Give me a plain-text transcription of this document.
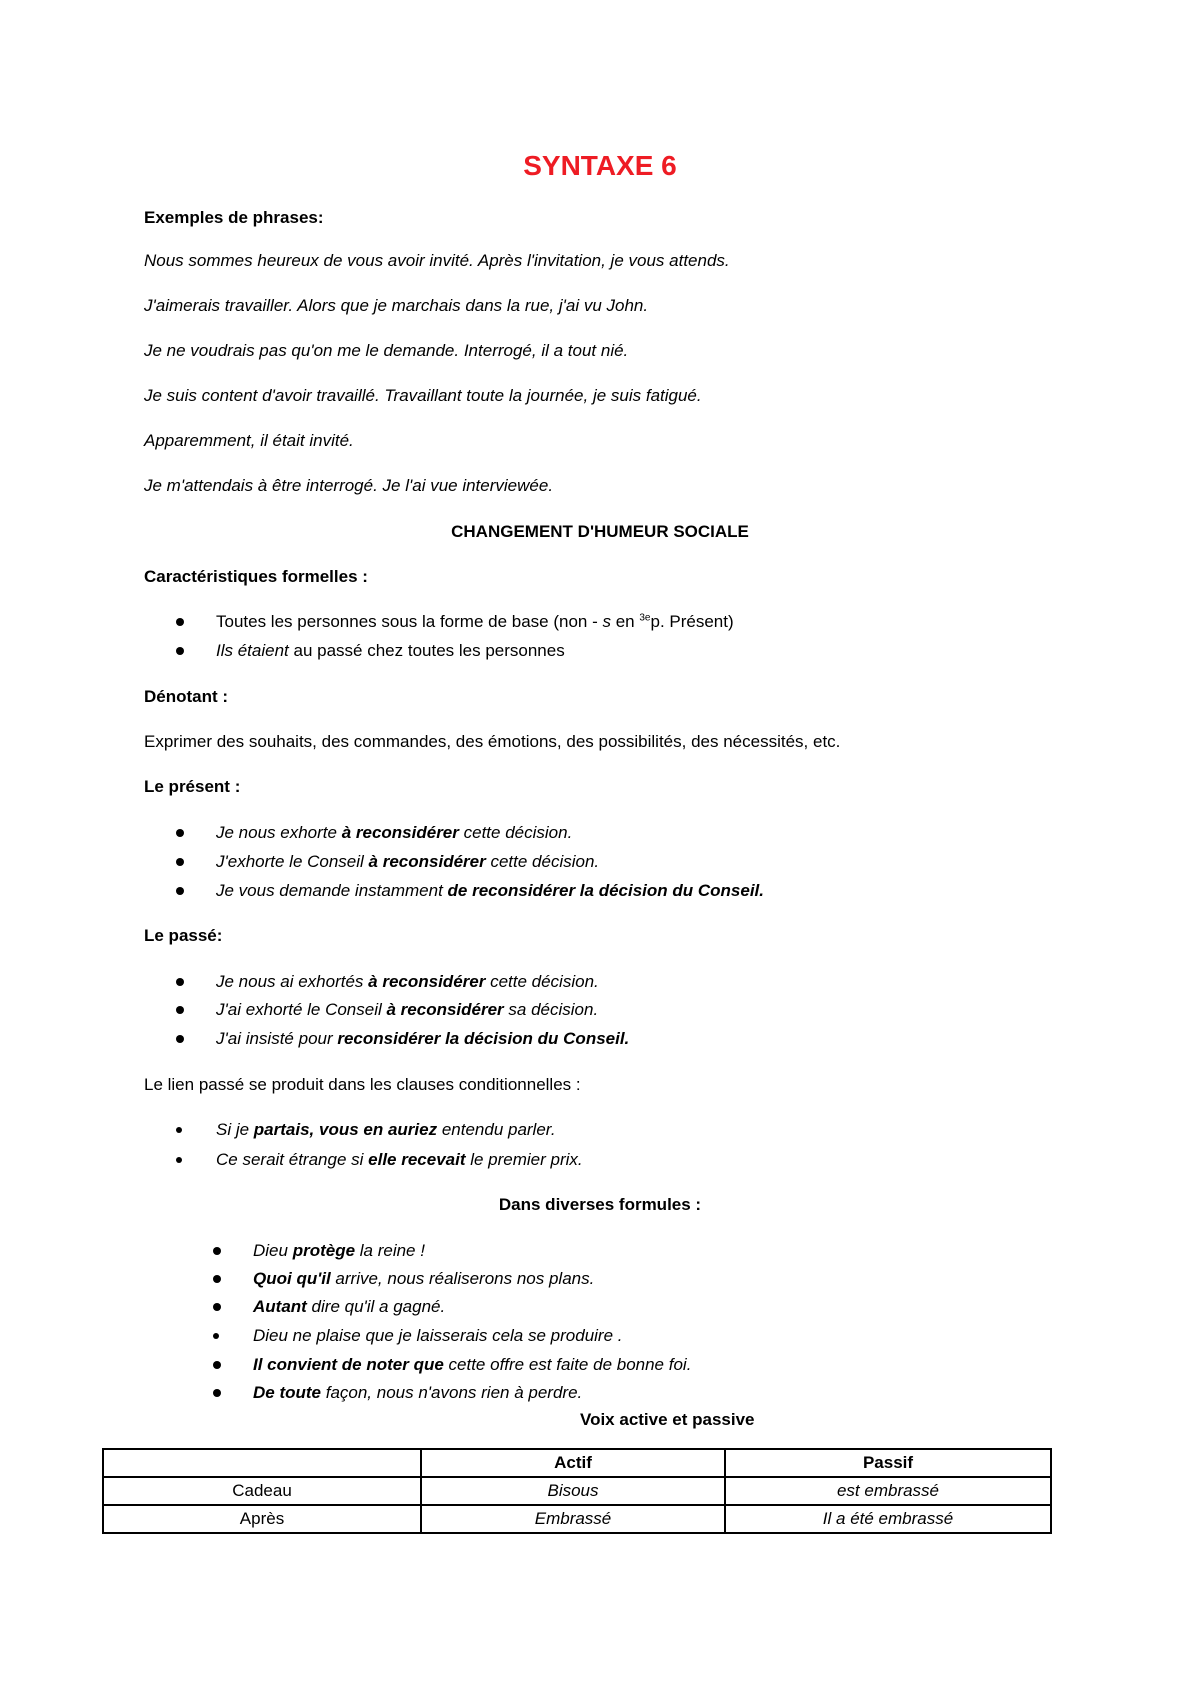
SYNTAXE 6
Exemples de phrases:
Nous sommes heureux de vous avoir invité. Après l'invitation, je vous attends.
J'aimerais travailler. Alors que je marchais dans la rue, j'ai vu John.
Je ne voudrais pas qu'on me le demande. Interrogé, il a tout nié.
Je suis content d'avoir travaillé. Travaillant toute la journée, je suis fatigué.
Apparemment, il était invité.
Je m'attendais à être interrogé. Je l'ai vue interviewée.
CHANGEMENT D'HUMEUR SOCIALE
Caractéristiques formelles :
Toutes les personnes sous la forme de base (non - s en $^{3e}$p. Présent)
Ils étaient au passé chez toutes les personnes
Dénotant :
Exprimer des souhaits, des commandes, des émotions, des possibilités, des nécessités, etc.
Le présent :
Je nous exhorte à reconsidérer cette décision.
J'exhorte le Conseil à reconsidérer cette décision.
Je vous demande instamment de reconsidérer la décision du Conseil.
Le passé:
Je nous ai exhortés à reconsidérer cette décision.
J'ai exhorté le Conseil à reconsidérer sa décision.
J'ai insisté pour reconsidérer la décision du Conseil.
Le lien passé se produit dans les clauses conditionnelles :
Si je partais, vous en auriez entendu parler.
Ce serait étrange si elle recevait le premier prix.
Dans diverses formules :
Dieu protège la reine !
Quoi qu'il arrive, nous réaliserons nos plans.
Autant dire qu'il a gagné.
Dieu ne plaise que je laisserais cela se produire .
Il convient de noter que cette offre est faite de bonne foi.
De toute façon, nous n'avons rien à perdre.
Voix active et passive
	Actif	Passif
Cadeau	Bisous	est embrassé
Après	Embrassé	Il a été embrassé
